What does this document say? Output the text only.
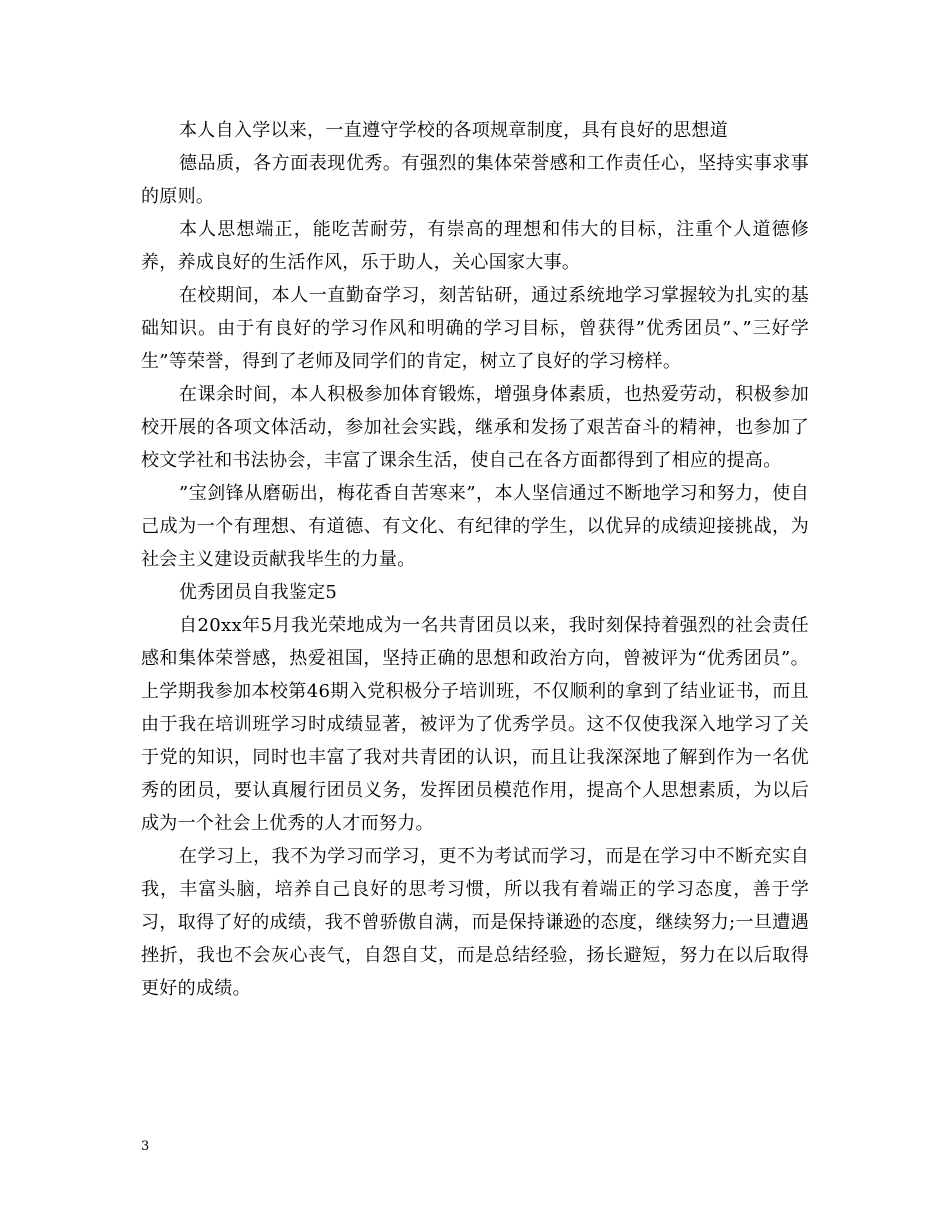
本人自入学以来，一直遵守学校的各项规章制度，具有良好的思想道

德品质，各方面表现优秀。有强烈的集体荣誉感和工作责任心，坚持实事求事的原则。

本人思想端正，能吃苦耐劳，有崇高的理想和伟大的目标，注重个人道德修养，养成良好的生活作风，乐于助人，关心国家大事。

在校期间，本人一直勤奋学习，刻苦钻研，通过系统地学习掌握较为扎实的基础知识。由于有良好的学习作风和明确的学习目标，曾获得”优秀团员”、”三好学生”等荣誉，得到了老师及同学们的肯定，树立了良好的学习榜样。

在课余时间，本人积极参加体育锻炼，增强身体素质，也热爱劳动，积极参加校开展的各项文体活动，参加社会实践，继承和发扬了艰苦奋斗的精神，也参加了校文学社和书法协会，丰富了课余生活，使自己在各方面都得到了相应的提高。

”宝剑锋从磨砺出，梅花香自苦寒来”，本人坚信通过不断地学习和努力，使自己成为一个有理想、有道德、有文化、有纪律的学生，以优异的成绩迎接挑战，为社会主义建设贡献我毕生的力量。

优秀团员自我鉴定5

自20xx年5月我光荣地成为一名共青团员以来，我时刻保持着强烈的社会责任感和集体荣誉感，热爱祖国，坚持正确的思想和政治方向，曾被评为“优秀团员”。上学期我参加本校第46期入党积极分子培训班，不仅顺利的拿到了结业证书，而且由于我在培训班学习时成绩显著，被评为了优秀学员。这不仅使我深入地学习了关于党的知识，同时也丰富了我对共青团的认识，而且让我深深地了解到作为一名优秀的团员，要认真履行团员义务，发挥团员模范作用，提高个人思想素质，为以后成为一个社会上优秀的人才而努力。

在学习上，我不为学习而学习，更不为考试而学习，而是在学习中不断充实自我，丰富头脑，培养自己良好的思考习惯，所以我有着端正的学习态度，善于学习，取得了好的成绩，我不曾骄傲自满，而是保持谦逊的态度，继续努力;一旦遭遇挫折，我也不会灰心丧气，自怨自艾，而是总结经验，扬长避短，努力在以后取得更好的成绩。

3
